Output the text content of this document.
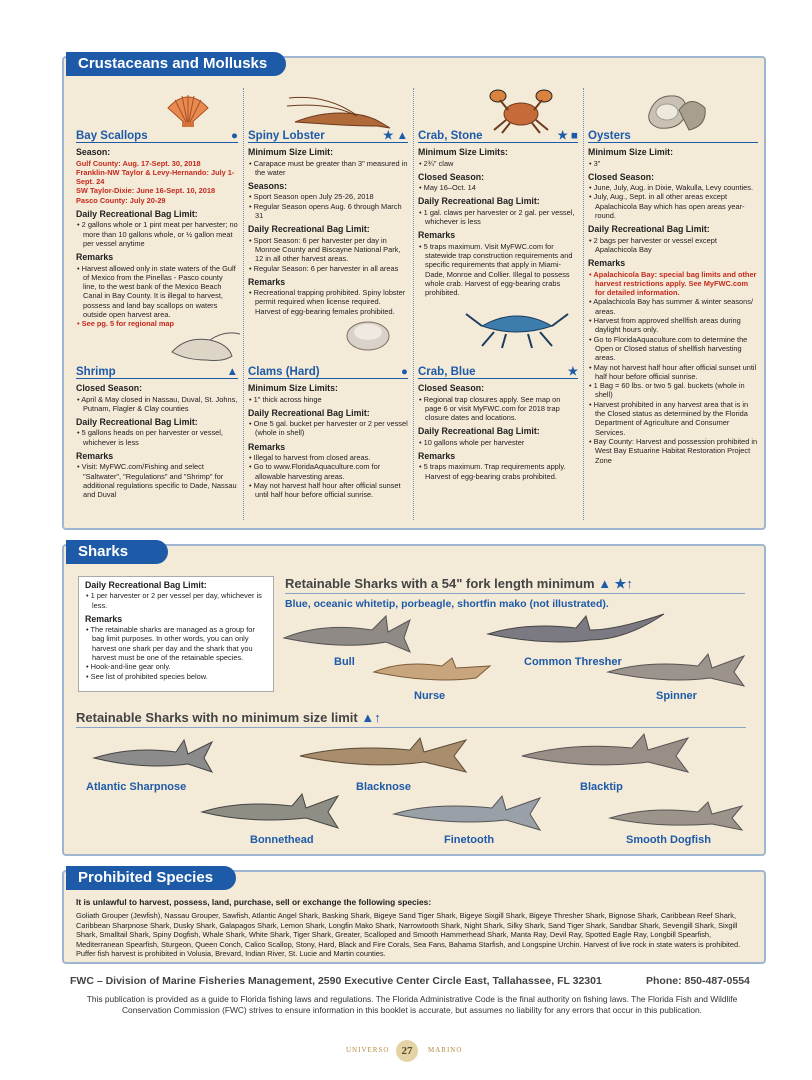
Crustaceans and Mollusks
Bay Scallops	●
Season:
Gulf County: Aug. 17-Sept. 30, 2018
Franklin-NW Taylor & Levy-Hernando: July 1-Sept. 24
SW Taylor-Dixie: June 16-Sept. 10, 2018
Pasco County: July 20-29
Daily Recreational Bag Limit:
• 2 gallons whole or 1 pint meat per harvester; no more than 10 gallons whole, or ½ gallon meat per vessel anytime
Remarks
• Harvest allowed only in state waters of the Gulf of Mexico from the Pinellas - Pasco county line, to the west bank of the Mexico Beach Canal in Bay County. It is illegal to harvest, possess and land bay scallops on waters outside open harvest area.
• See pg. 5 for regional map
Spiny Lobster	★ ▲
Minimum Size Limit:
• Carapace must be greater than 3" measured in the water
Seasons:
• Sport Season open July 25-26, 2018
• Regular Season opens Aug. 6 through March 31
Daily Recreational Bag Limit:
• Sport Season: 6 per harvester per day in Monroe County and Biscayne National Park, 12 in all other harvest areas.
• Regular Season: 6 per harvester in all areas
Remarks
• Recreational trapping prohibited. Spiny lobster permit required when license required. Harvest of egg-bearing females prohibited.
Crab, Stone	★ ■
Minimum Size Limits:
• 2¾" claw
Closed Season:
• May 16–Oct. 14
Daily Recreational Bag Limit:
• 1 gal. claws per harvester or 2 gal. per vessel, whichever is less
Remarks
• 5 traps maximum. Visit MyFWC.com for statewide trap construction requirements and specific requirements that apply in Miami-Dade, Monroe and Collier. Illegal to possess whole crab. Harvest of egg-bearing crabs prohibited.
Oysters
Minimum Size Limit:
• 3"
Closed Season:
• June, July, Aug. in Dixie, Wakulla, Levy counties.
• July, Aug., Sept. in all other areas except Apalachicola Bay which has open areas year-round.
Daily Recreational Bag Limit:
• 2 bags per harvester or vessel except Apalachicola Bay
Remarks
• Apalachicola Bay: special bag limits and other harvest restrictions apply. See MyFWC.com for detailed information.
• Apalachicola Bay has summer & winter seasons/ areas.
• Harvest from approved shellfish areas during daylight hours only.
• Go to FloridaAquaculture.com to determine the Open or Closed status of shellfish harvesting areas.
• May not harvest half hour after official sunset until half hour before official sunrise.
• 1 Bag = 60 lbs. or two 5 gal. buckets (whole in shell)
• Harvest prohibited in any harvest area that is in the Closed status as determined by the Florida Department of Agriculture and Consumer Services.
• Bay County: Harvest and possession prohibited in West Bay Estuarine Habitat Restoration Project Zone
Shrimp	▲
Closed Season:
• April & May closed in Nassau, Duval, St. Johns, Putnam, Flagler & Clay counties
Daily Recreational Bag Limit:
• 5 gallons heads on per harvester or vessel, whichever is less
Remarks
• Visit: MyFWC.com/Fishing and select "Saltwater", "Regulations" and "Shrimp" for additional regulations specific to Dade, Nassau and Duval
Clams (Hard)	●
Minimum Size Limits:
• 1" thick across hinge
Daily Recreational Bag Limit:
• One 5 gal. bucket per harvester or 2 per vessel (whole in shell)
Remarks
• Illegal to harvest from closed areas.
• Go to www.FloridaAquaculture.com for allowable harvesting areas.
• May not harvest half hour after official sunset until half hour before official sunrise.
Crab, Blue	★
Closed Season:
• Regional trap closures apply. See map on page 6 or visit MyFWC.com for 2018 trap closure dates and locations.
Daily Recreational Bag Limit:
• 10 gallons whole per harvester
Remarks
• 5 traps maximum. Trap requirements apply. Harvest of egg-bearing crabs prohibited.
Sharks
Daily Recreational Bag Limit:
• 1 per harvester or 2 per vessel per day, whichever is less.
Remarks
• The retainable sharks are managed as a group for bag limit purposes. In other words, you can only harvest one shark per day and the shark that you harvest must be one of the retainable species.
• Hook-and-line gear only.
• See list of prohibited species below.
Retainable Sharks with a 54" fork length minimum ▲ ★↑
Blue, oceanic whitetip, porbeagle, shortfin mako (not illustrated).
Bull	Common Thresher
Nurse	Spinner
Retainable Sharks with no minimum size limit ▲↑
Atlantic Sharpnose	Blacknose	Blacktip
Bonnethead	Finetooth	Smooth Dogfish
Prohibited Species
It is unlawful to harvest, possess, land, purchase, sell or exchange the following species:
Goliath Grouper (Jewfish), Nassau Grouper, Sawfish, Atlantic Angel Shark, Basking Shark, Bigeye Sand Tiger Shark, Bigeye Sixgill Shark, Bigeye Thresher Shark, Bignose Shark, Caribbean Reef Shark, Caribbean Sharpnose Shark, Dusky Shark, Galapagos Shark, Lemon Shark, Longfin Mako Shark, Narrowtooth Shark, Night Shark, Silky Shark, Sand Tiger Shark, Sandbar Shark, Sevengill Shark, Sixgill Shark, Smalltail Shark, Spiny Dogfish, Whale Shark, White Shark, Tiger Shark, Greater, Scalloped and Smooth Hammerhead Shark, Manta Ray, Devil Ray, Spotted Eagle Ray, Longbill Spearfish, Mediterranean Spearfish, Sturgeon, Queen Conch, Calico Scallop, Stony, Hard, Black and Fire Corals, Sea Fans, Bahama Starfish, and Longspine Urchin. Harvest of live rock in state waters is prohibited. Puffer fish harvest is prohibited in Volusia, Brevard, Indian River, St. Lucie and Martin counties.
FWC – Division of Marine Fisheries Management, 2590 Executive Center Circle East, Tallahassee, FL 32301	Phone: 850-487-0554
This publication is provided as a guide to Florida fishing laws and regulations. The Florida Administrative Code is the final authority on fishing laws. The Florida Fish and Wildlife Conservation Commission (FWC) strives to ensure information in this booklet is accurate, but assumes no liability for any errors that occur in this publication.
UNIVERSO	27	MARINO
